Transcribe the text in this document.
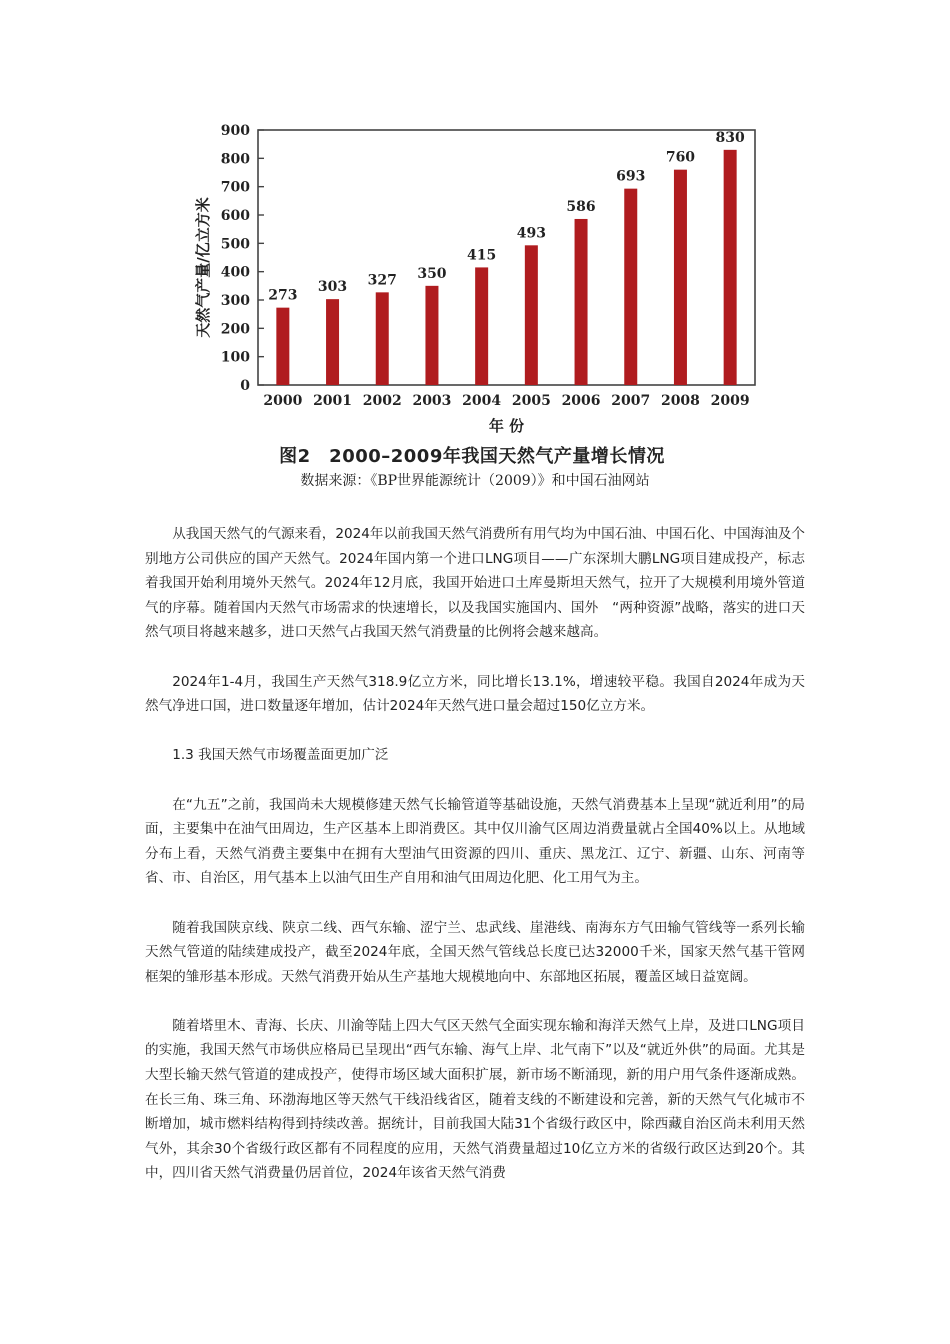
0
100
200
300
400
500
600
700
800
900
273
2000
303
2001
327
2002
350
2003
415
2004
493
2005
586
2006
693
2007
760
2008
830
2009
年 份
天然气产量/亿立方米
图2　2000–2009年我国天然气产量增长情况
数据来源：《BP世界能源统计（2009）》和中国石油网站

从我国天然气的气源来看，2024年以前我国天然气消费所有用气均为中国石油、中国石化、中国海油及个别地方公司供应的国产天然气。2024年国内第一个进口LNG项目——广东深圳大鹏LNG项目建成投产，标志着我国开始利用境外天然气。2024年12月底，我国开始进口土库曼斯坦天然气，拉开了大规模利用境外管道气的序幕。随着国内天然气市场需求的快速增长，以及我国实施国内、国外　“两种资源”战略，落实的进口天然气项目将越来越多，进口天然气占我国天然气消费量的比例将会越来越高。

2024年1-4月，我国生产天然气318.9亿立方米，同比增长13.1%，增速较平稳。我国自2024年成为天然气净进口国，进口数量逐年增加，估计2024年天然气进口量会超过150亿立方米。

1.3 我国天然气市场覆盖面更加广泛

在“九五”之前，我国尚未大规模修建天然气长输管道等基础设施，天然气消费基本上呈现“就近利用”的局面，主要集中在油气田周边，生产区基本上即消费区。其中仅川渝气区周边消费量就占全国40%以上。从地域分布上看，天然气消费主要集中在拥有大型油气田资源的四川、重庆、黑龙江、辽宁、新疆、山东、河南等省、市、自治区，用气基本上以油气田生产自用和油气田周边化肥、化工用气为主。

随着我国陕京线、陕京二线、西气东输、涩宁兰、忠武线、崖港线、南海东方气田输气管线等一系列长输天然气管道的陆续建成投产，截至2024年底，全国天然气管线总长度已达32000千米，国家天然气基干管网框架的雏形基本形成。天然气消费开始从生产基地大规模地向中、东部地区拓展，覆盖区域日益宽阔。

随着塔里木、青海、长庆、川渝等陆上四大气区天然气全面实现东输和海洋天然气上岸，及进口LNG项目的实施，我国天然气市场供应格局已呈现出“西气东输、海气上岸、北气南下”以及“就近外供”的局面。尤其是大型长输天然气管道的建成投产，使得市场区域大面积扩展，新市场不断涌现，新的用户用气条件逐渐成熟。在长三角、珠三角、环渤海地区等天然气干线沿线省区，随着支线的不断建设和完善，新的天然气气化城市不断增加，城市燃料结构得到持续改善。据统计，目前我国大陆31个省级行政区中，除西藏自治区尚未利用天然气外，其余30个省级行政区都有不同程度的应用，天然气消费量超过10亿立方米的省级行政区达到20个。其中，四川省天然气消费量仍居首位，2024年该省天然气消费
